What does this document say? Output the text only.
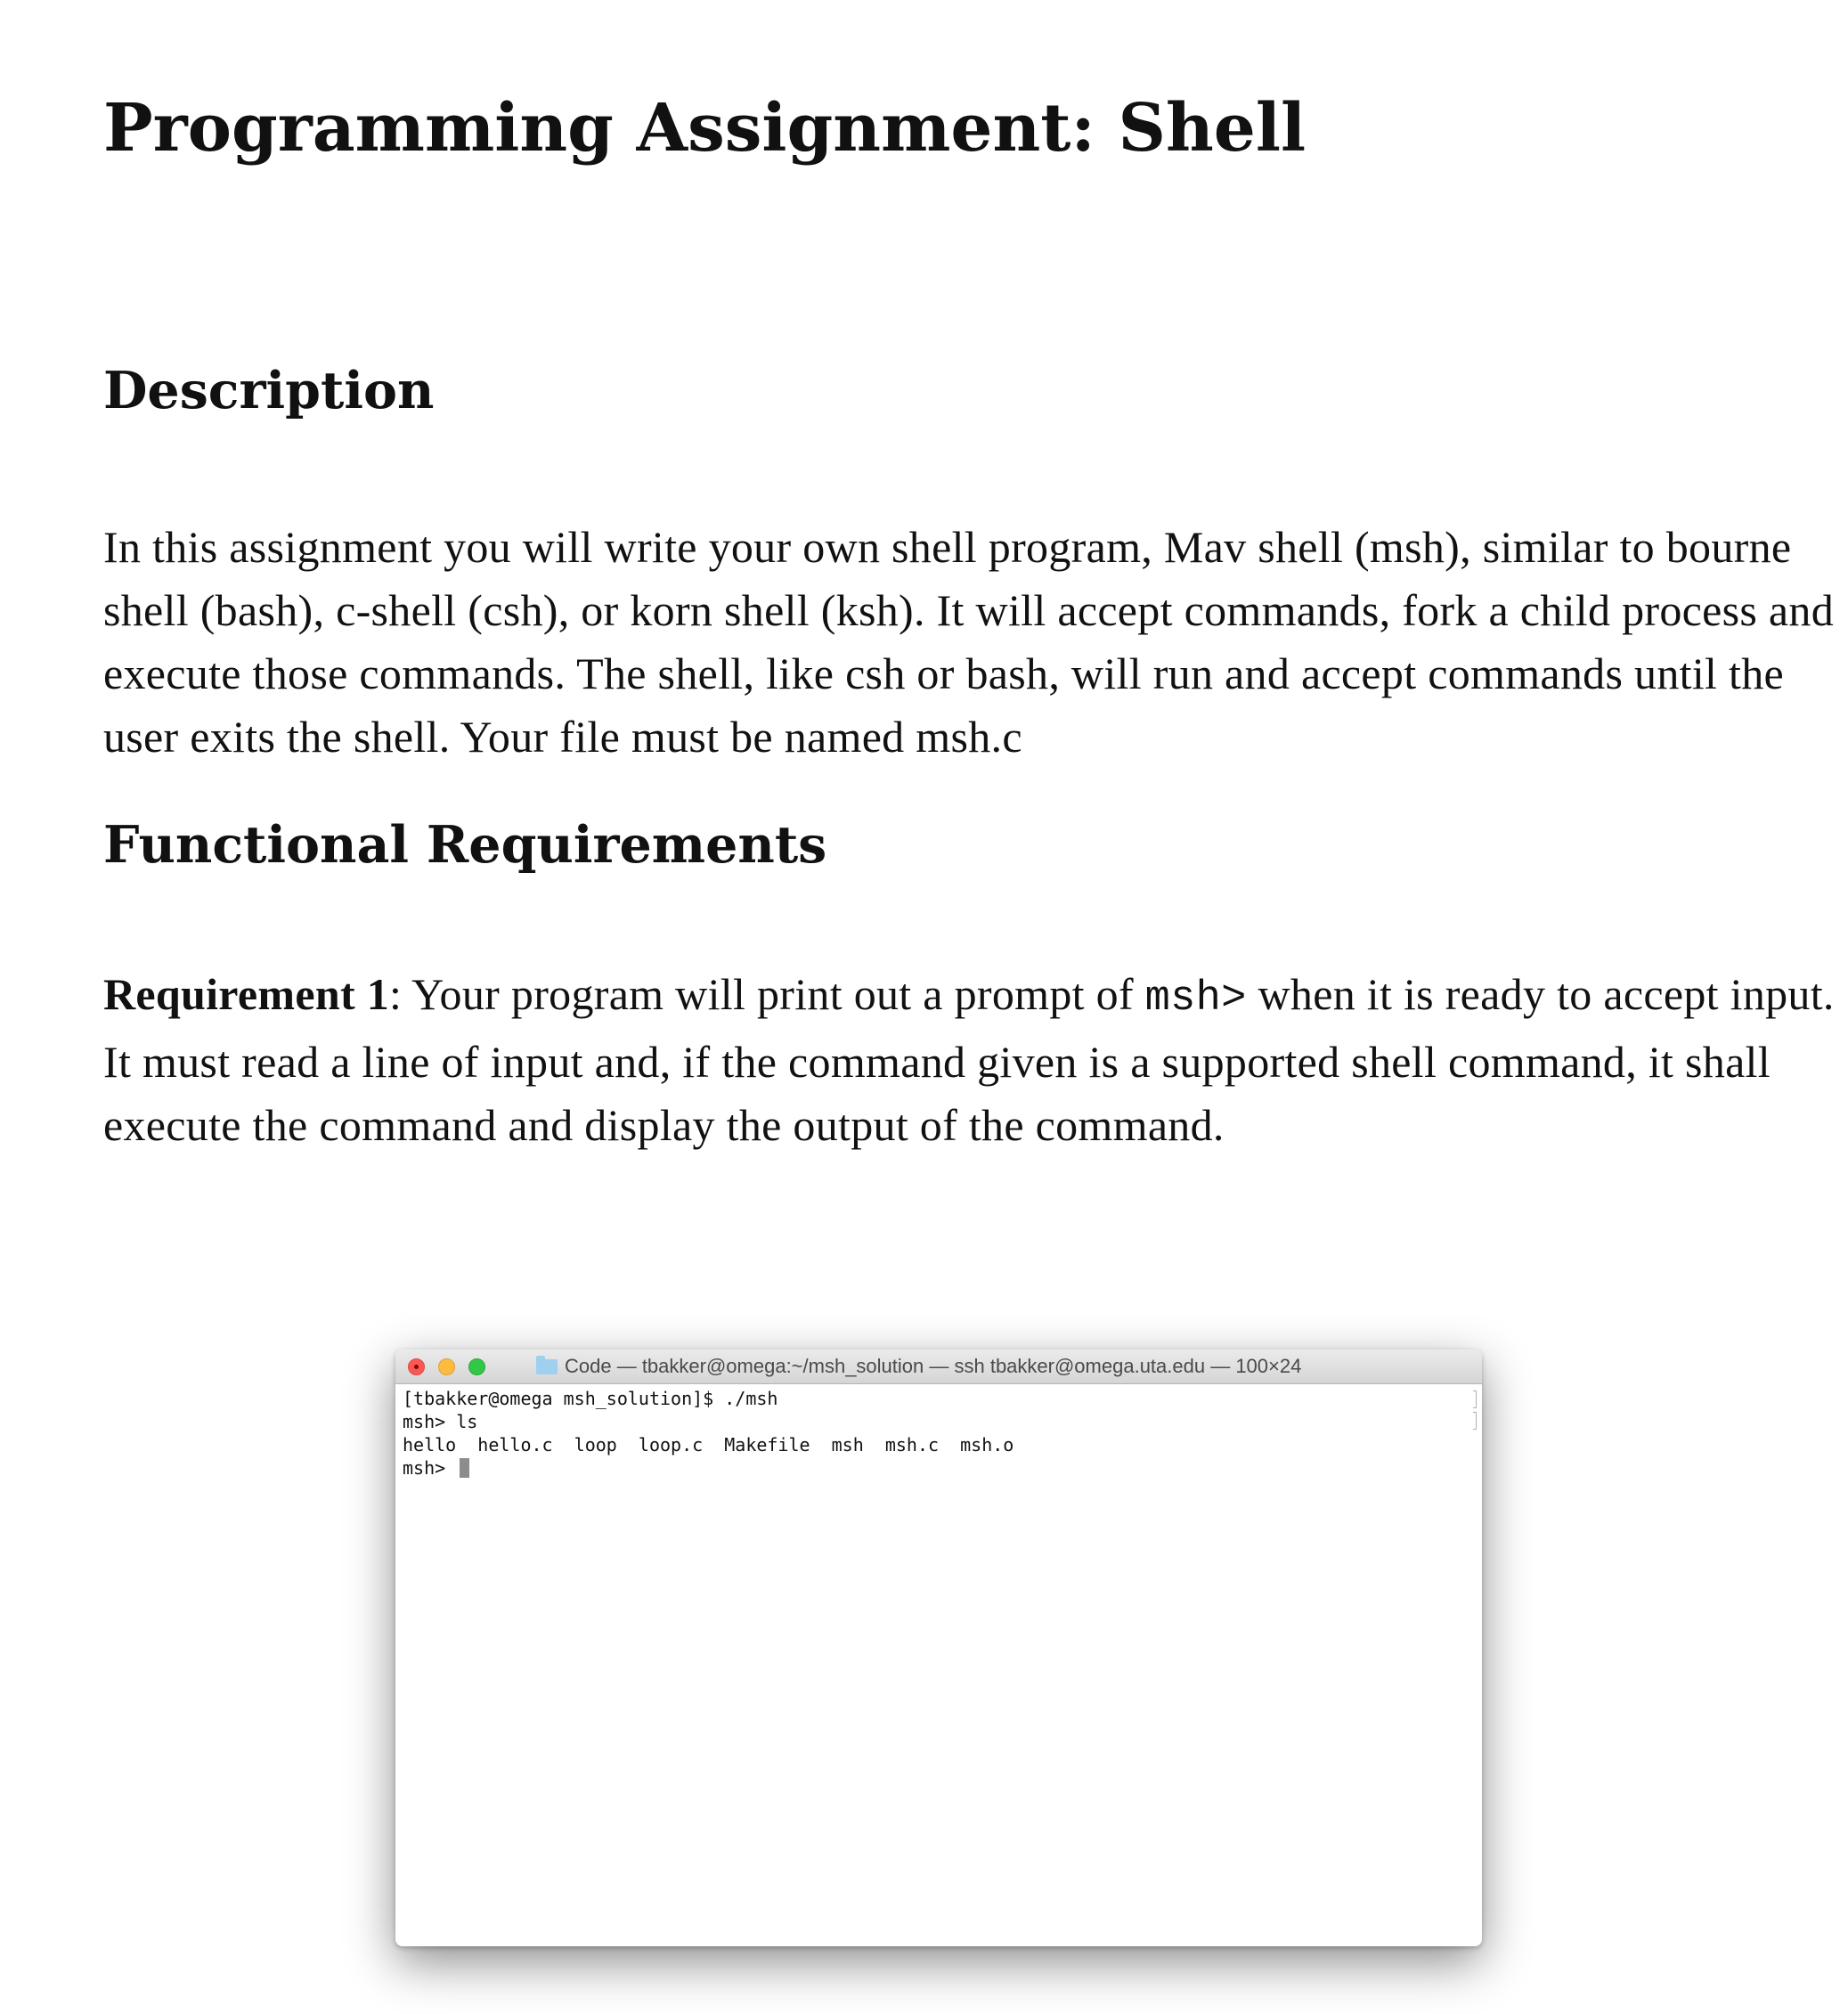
Programming Assignment: Shell
Description

In this assignment you will write your own shell program, Mav shell (msh), similar to bourne shell (bash), c-shell (csh), or korn shell (ksh). It will accept commands, fork a child process and execute those commands. The shell, like csh or bash, will run and accept commands until the user exits the shell. Your file must be named msh.c

Functional Requirements

Requirement 1: Your program will print out a prompt of msh> when it is ready to accept input. It must read a line of input and, if the command given is a supported shell command, it shall execute the command and display the output of the command.

Code — tbakker@omega:~/msh_solution — ssh tbakker@omega.uta.edu — 100×24
[tbakker@omega msh_solution]$ ./msh
msh> ls
hello  hello.c  loop  loop.c  Makefile  msh  msh.c  msh.o
msh>
